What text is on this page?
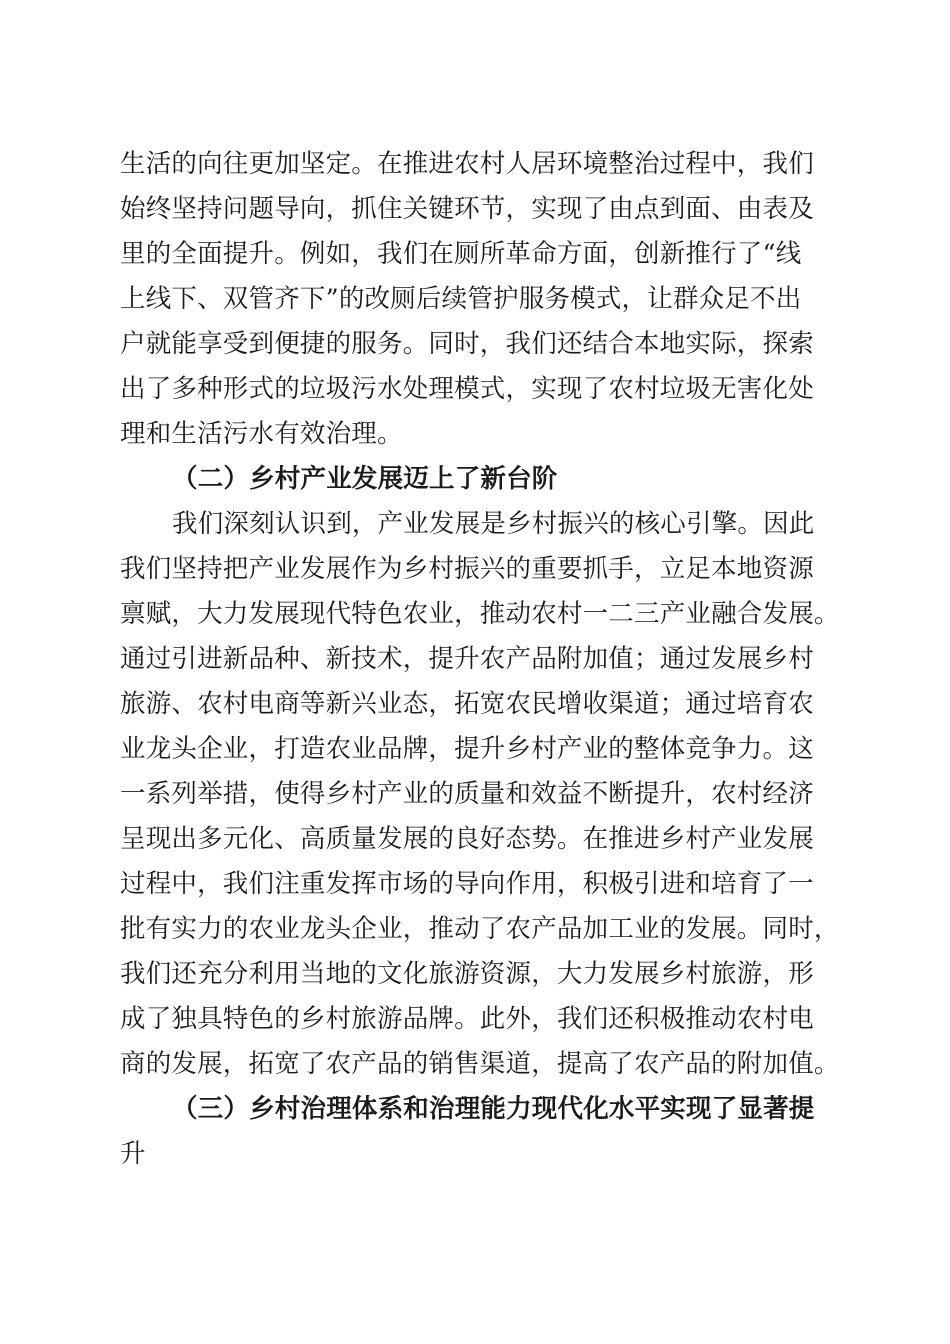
生活的向往更加坚定。在推进农村人居环境整治过程中，我们
始终坚持问题导向，抓住关键环节，实现了由点到面、由表及
里的全面提升。例如，我们在厕所革命方面，创新推行了“线
上线下、双管齐下”的改厕后续管护服务模式，让群众足不出
户就能享受到便捷的服务。同时，我们还结合本地实际，探索
出了多种形式的垃圾污水处理模式，实现了农村垃圾无害化处
理和生活污水有效治理。
（二）乡村产业发展迈上了新台阶
我们深刻认识到，产业发展是乡村振兴的核心引擎。因此
我们坚持把产业发展作为乡村振兴的重要抓手，立足本地资源
禀赋，大力发展现代特色农业，推动农村一二三产业融合发展。
通过引进新品种、新技术，提升农产品附加值；通过发展乡村
旅游、农村电商等新兴业态，拓宽农民增收渠道；通过培育农
业龙头企业，打造农业品牌，提升乡村产业的整体竞争力。这
一系列举措，使得乡村产业的质量和效益不断提升，农村经济
呈现出多元化、高质量发展的良好态势。在推进乡村产业发展
过程中，我们注重发挥市场的导向作用，积极引进和培育了一
批有实力的农业龙头企业，推动了农产品加工业的发展。同时，
我们还充分利用当地的文化旅游资源，大力发展乡村旅游，形
成了独具特色的乡村旅游品牌。此外，我们还积极推动农村电
商的发展，拓宽了农产品的销售渠道，提高了农产品的附加值。
（三）乡村治理体系和治理能力现代化水平实现了显著提
升
